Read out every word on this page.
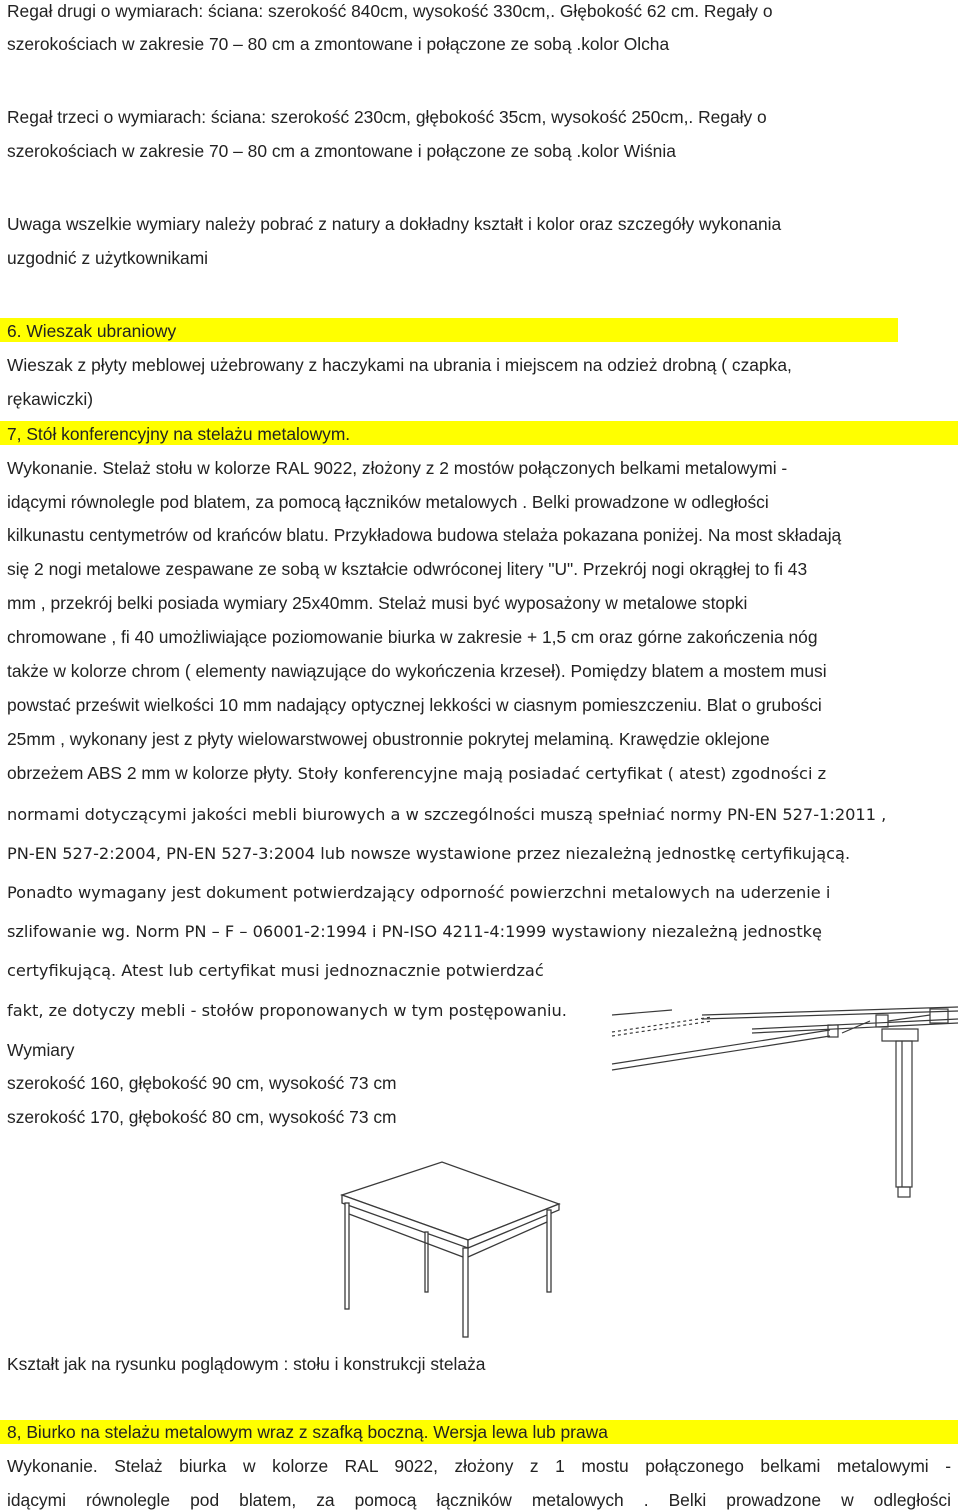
Regał drugi o wymiarach: ściana: szerokość 840cm, wysokość 330cm,. Głębokość 62 cm. Regały o
szerokościach w zakresie 70 – 80 cm a zmontowane i połączone ze sobą .kolor Olcha
Regał trzeci o wymiarach: ściana: szerokość 230cm, głębokość 35cm, wysokość 250cm,. Regały o
szerokościach w zakresie 70 – 80 cm a zmontowane i połączone ze sobą .kolor Wiśnia
Uwaga wszelkie wymiary należy pobrać z natury a dokładny kształt i kolor oraz szczegóły wykonania
uzgodnić z użytkownikami
6. Wieszak ubraniowy
Wieszak z płyty meblowej użebrowany z haczykami na ubrania i miejscem na odzież drobną ( czapka,
rękawiczki)
7, Stół konferencyjny na stelażu metalowym.
Wykonanie. Stelaż stołu w kolorze RAL 9022, złożony z 2 mostów połączonych belkami metalowymi -
idącymi równolegle pod blatem, za pomocą łączników metalowych . Belki prowadzone w odległości
kilkunastu centymetrów od krańców blatu. Przykładowa budowa stelaża pokazana poniżej. Na most składają
się 2 nogi metalowe zespawane ze sobą w kształcie odwróconej litery "U". Przekrój nogi okrągłej to fi 43
mm , przekrój belki posiada wymiary 25x40mm. Stelaż musi być wyposażony w metalowe stopki
chromowane , fi 40 umożliwiające poziomowanie biurka w zakresie + 1,5 cm oraz górne zakończenia nóg
także w kolorze chrom ( elementy nawiązujące do wykończenia krzeseł). Pomiędzy blatem a mostem musi
powstać prześwit wielkości 10 mm nadający optycznej lekkości w ciasnym pomieszczeniu. Blat o grubości
25mm , wykonany jest z płyty wielowarstwowej obustronnie pokrytej melaminą. Krawędzie oklejone
obrzeżem ABS 2 mm w kolorze płyty. Stoły konferencyjne mają posiadać certyfikat ( atest) zgodności z
normami dotyczącymi jakości mebli biurowych a w szczególności muszą spełniać normy PN-EN 527-1:2011 ,
PN-EN 527-2:2004, PN-EN 527-3:2004 lub nowsze wystawione przez niezależną jednostkę certyfikującą.
Ponadto wymagany jest dokument potwierdzający odporność powierzchni metalowych na uderzenie i
szlifowanie wg. Norm PN – F – 06001-2:1994 i PN-ISO 4211-4:1999 wystawiony niezależną jednostkę
certyfikującą. Atest lub certyfikat musi jednoznacznie potwierdzać
fakt, ze dotyczy mebli - stołów proponowanych w tym postępowaniu.
Wymiary
szerokość 160, głębokość 90 cm, wysokość 73 cm
szerokość 170, głębokość 80 cm, wysokość 73 cm
Kształt jak na rysunku poglądowym : stołu i konstrukcji stelaża
8, Biurko na stelażu metalowym wraz z szafką boczną. Wersja lewa lub prawa
Wykonanie. Stelaż biurka w kolorze RAL 9022, złożony z 1 mostu połączonego belkami metalowymi -
idącymi równolegle pod blatem, za pomocą łączników metalowych . Belki prowadzone w odległości
